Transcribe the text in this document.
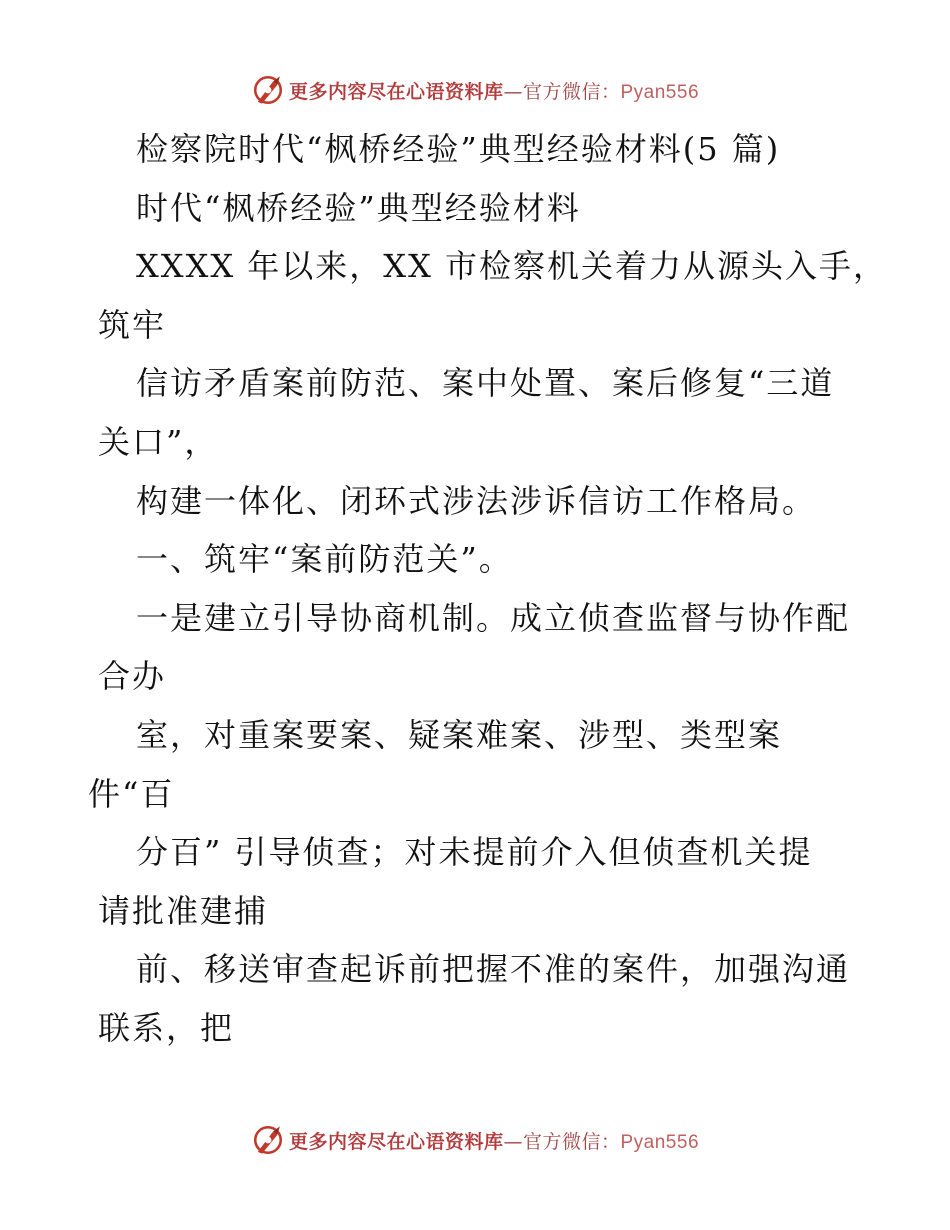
更多内容尽在心语资料库—官方微信：Pyan556
检察院时代“枫桥经验”典型经验材料(5 篇)
时代“枫桥经验”典型经验材料
XXXX 年以来，XX 市检察机关着力从源头入手，
筑牢
信访矛盾案前防范、案中处置、案后修复“三道
关口”，
构建一体化、闭环式涉法涉诉信访工作格局。
一、筑牢“案前防范关”。
一是建立引导协商机制。成立侦查监督与协作配
合办
室，对重案要案、疑案难案、涉型、类型案
件“百
分百” 引导侦查；对未提前介入但侦查机关提
请批准建捕
前、移送审查起诉前把握不准的案件，加强沟通
联系，把
更多内容尽在心语资料库—官方微信：Pyan556
